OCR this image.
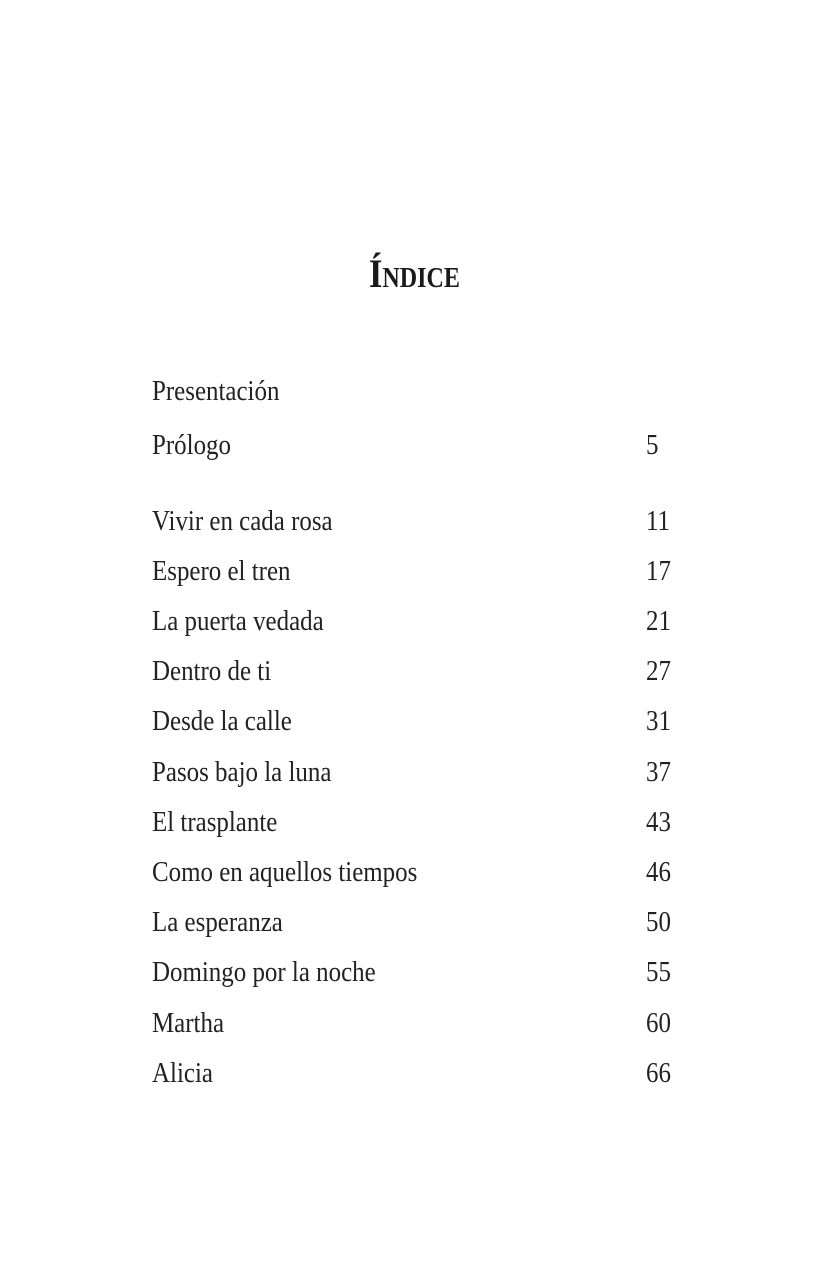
Índice
Presentación
Prólogo	5
Vivir en cada rosa	11
Espero el tren	17
La puerta vedada	21
Dentro de ti	27
Desde la calle	31
Pasos bajo la luna	37
El trasplante	43
Como en aquellos tiempos	46
La esperanza	50
Domingo por la noche	55
Martha	60
Alicia	66
